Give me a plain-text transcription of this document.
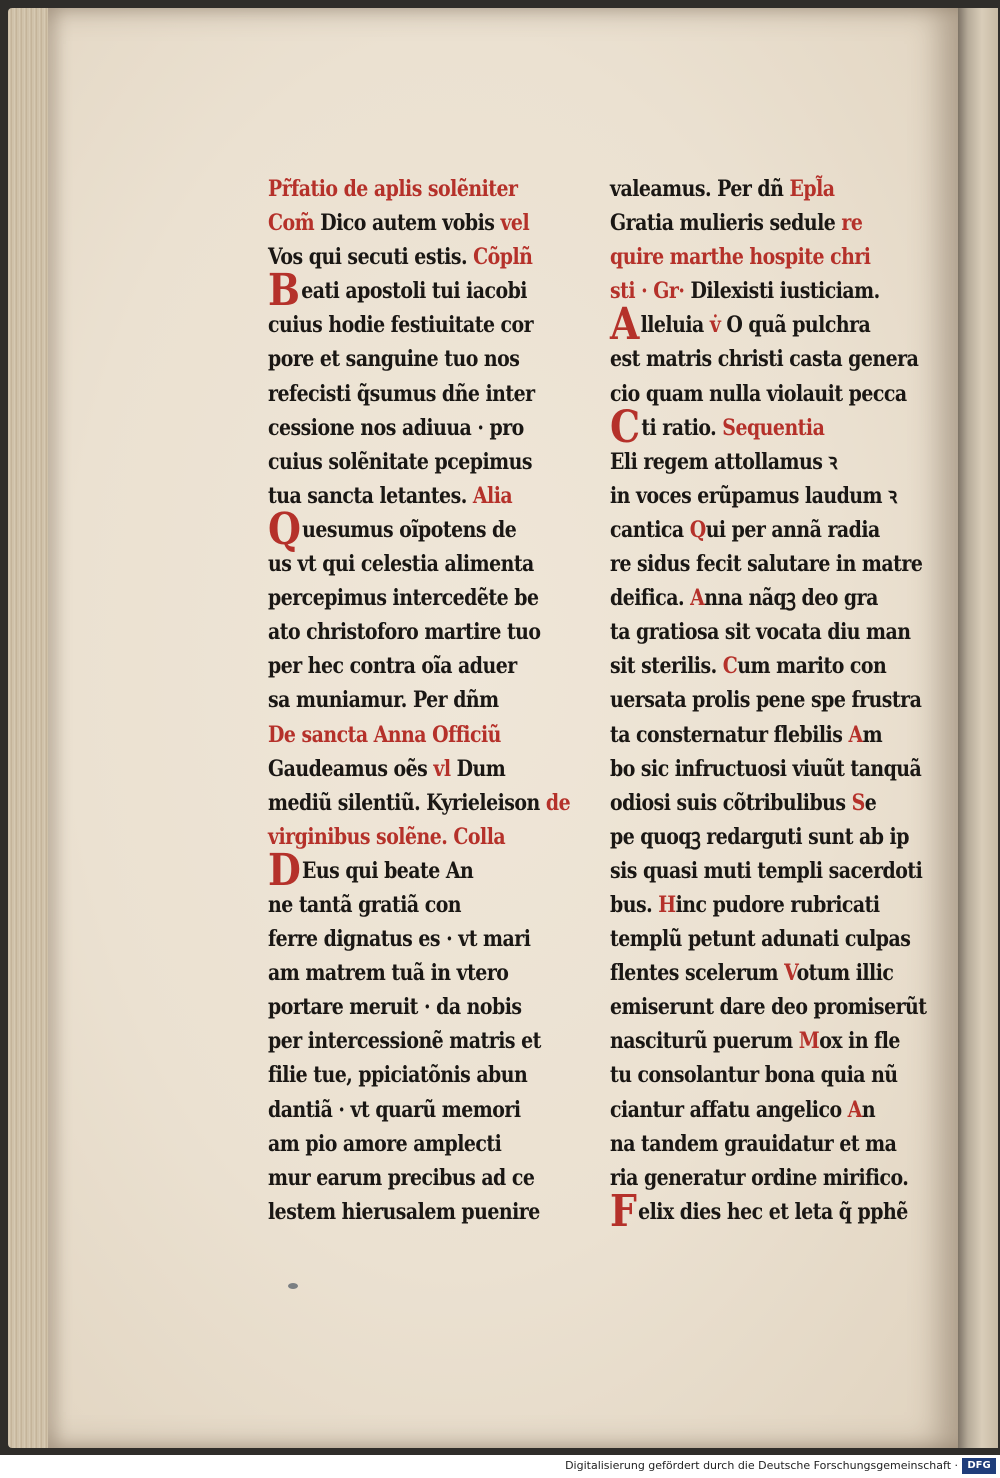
Pr̃fatio de aplis solẽniter
Com̃ Dico autem vobis vel
Vos qui secuti estis. Cõplñ
Beati apostoli tui iacobi
cuius hodie festiuitate cor
pore et sanguine tuo nos
refecisti q̃sumus dñe inter
cessione nos adiuua · pro
cuius solẽnitate pcepimus
tua sancta letantes. Alia
Quesumus oĩpotens de
us vt qui celestia alimenta
percepimus intercedẽte be
ato christoforo martire tuo
per hec contra oĩa aduer
sa muniamur. Per dñm
De sancta Anna Officiũ
Gaudeamus oẽs vl Dum
mediũ silentiũ. Kyrieleison de
virginibus solẽne. Colla
DEus qui beate An
ne tantã gratiã con
ferre dignatus es · vt mari
am matrem tuã in vtero
portare meruit · da nobis
per intercessionẽ matris et
filie tue, ppiciatõnis abun
dantiã · vt quarũ memori
am pio amore amplecti
mur earum precibus ad ce
lestem hierusalem puenire
valeamus. Per dñ Epl̃a
Gratia mulieris sedule re
quire marthe hospite chri
sti · Gr· Dilexisti iusticiam.
Alleluia v̇ O quã pulchra
est matris christi casta genera
cio quam nulla violauit pecca
Cti ratio. Sequentia
Eli regem attollamus ꝛ
in voces erũpamus laudum ꝛ
cantica Qui per annã radia
re sidus fecit salutare in matre
deifica. Anna nãqꝫ deo gra
ta gratiosa sit vocata diu man
sit sterilis. Cum marito con
uersata prolis pene spe frustra
ta consternatur flebilis Am
bo sic infructuosi viuũt tanquã
odiosi suis cõtribulibus Se
pe quoqꝫ redarguti sunt ab ip
sis quasi muti templi sacerdoti
bus. Hinc pudore rubricati
templũ petunt adunati culpas
flentes scelerum Votum illic
emiserunt dare deo promiserũt
nasciturũ puerum Mox in fle
tu consolantur bona quia nũ
ciantur affatu angelico An
na tandem grauidatur et ma
ria generatur ordine mirifico.
Felix dies hec et leta q̃ pphẽ
Digitalisierung gefördert durch die Deutsche Forschungsgemeinschaft · DFG
